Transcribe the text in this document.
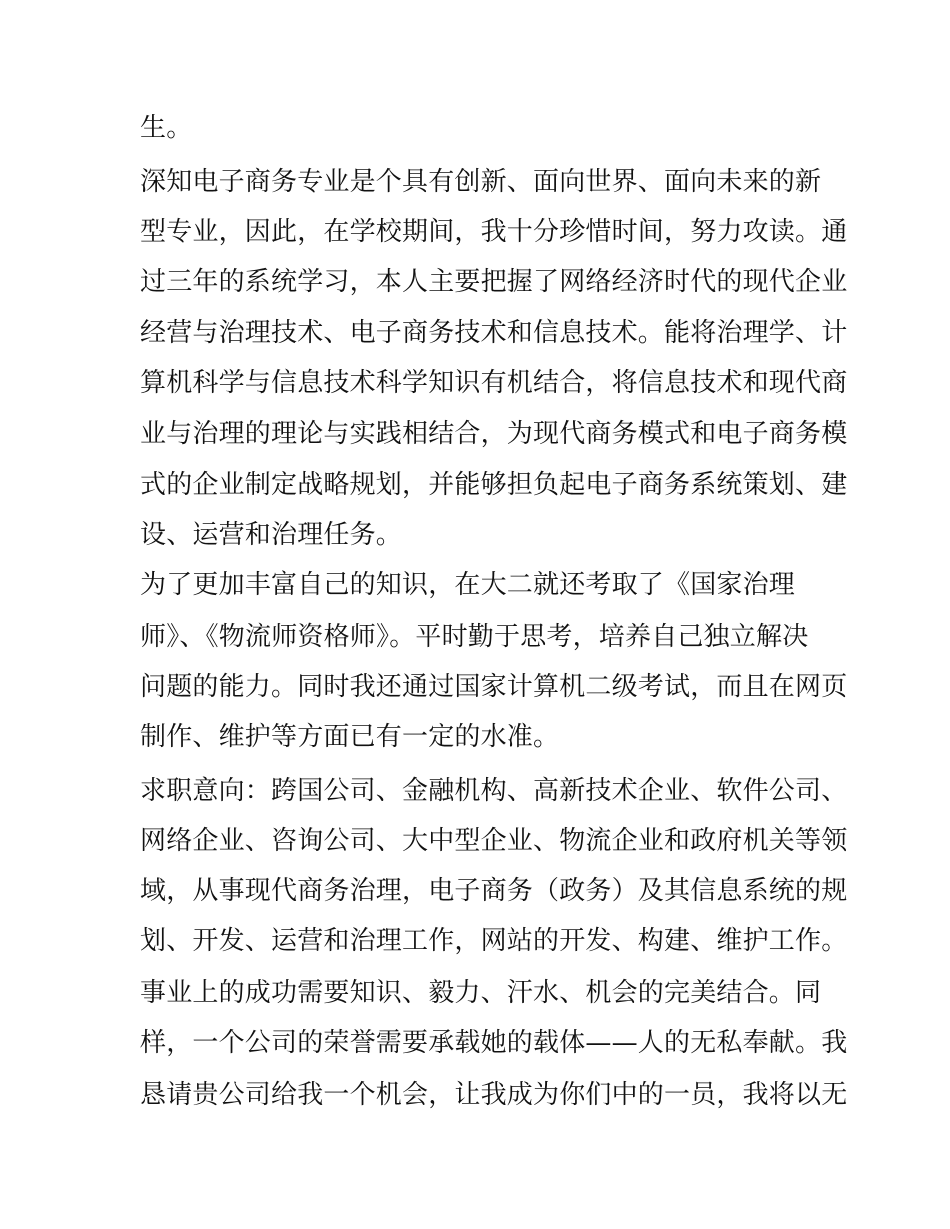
生。
深知电子商务专业是个具有创新、面向世界、面向未来的新
型专业，因此，在学校期间，我十分珍惜时间，努力攻读。通
过三年的系统学习，本人主要把握了网络经济时代的现代企业
经营与治理技术、电子商务技术和信息技术。能将治理学、计
算机科学与信息技术科学知识有机结合，将信息技术和现代商
业与治理的理论与实践相结合，为现代商务模式和电子商务模
式的企业制定战略规划，并能够担负起电子商务系统策划、建
设、运营和治理任务。
为了更加丰富自己的知识，在大二就还考取了《国家治理
师》、《物流师资格师》。平时勤于思考，培养自己独立解决
问题的能力。同时我还通过国家计算机二级考试，而且在网页
制作、维护等方面已有一定的水准。
求职意向：跨国公司、金融机构、高新技术企业、软件公司、
网络企业、咨询公司、大中型企业、物流企业和政府机关等领
域，从事现代商务治理，电子商务（政务）及其信息系统的规
划、开发、运营和治理工作，网站的开发、构建、维护工作。
事业上的成功需要知识、毅力、汗水、机会的完美结合。同
样，一个公司的荣誉需要承载她的载体——人的无私奉献。我
恳请贵公司给我一个机会，让我成为你们中的一员，我将以无
